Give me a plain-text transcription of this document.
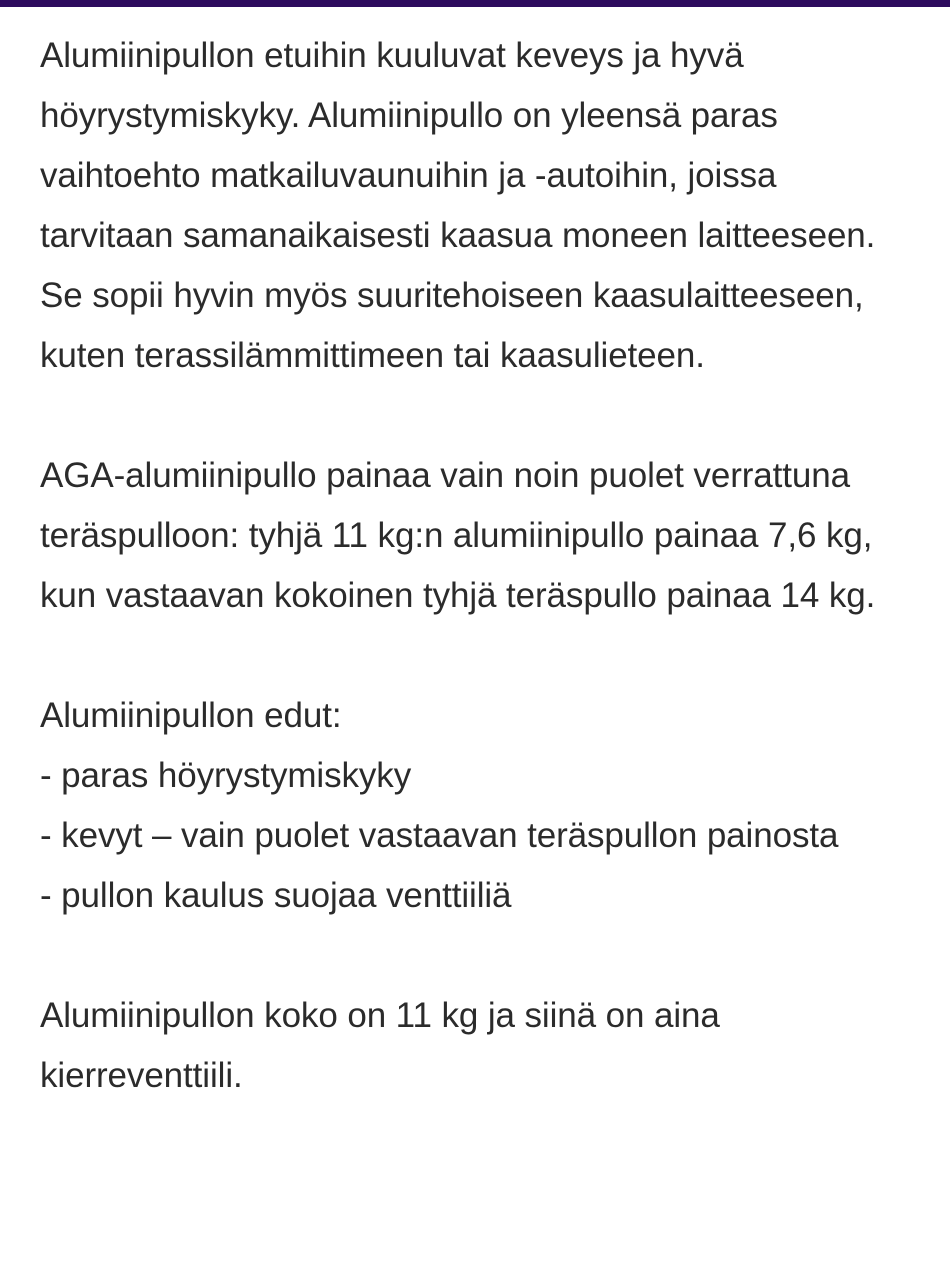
Alumiinipullon etuihin kuuluvat keveys ja hyvä höyrystymiskyky. Alumiinipullo on yleensä paras vaihtoehto matkailuvaunuihin ja -autoihin, joissa tarvitaan samanaikaisesti kaasua moneen laitteeseen. Se sopii hyvin myös suuritehoiseen kaasulaitteeseen, kuten terassilämmittimeen tai kaasulieteen.

AGA-alumiinipullo painaa vain noin puolet verrattuna teräspulloon: tyhjä 11 kg:n alumiinipullo painaa 7,6 kg, kun vastaavan kokoinen tyhjä teräspullo painaa 14 kg.

Alumiinipullon edut:

- paras höyrystymiskyky
- kevyt – vain puolet vastaavan teräspullon painosta
- pullon kaulus suojaa venttiiliä

Alumiinipullon koko on 11 kg ja siinä on aina kierreventtiili.
